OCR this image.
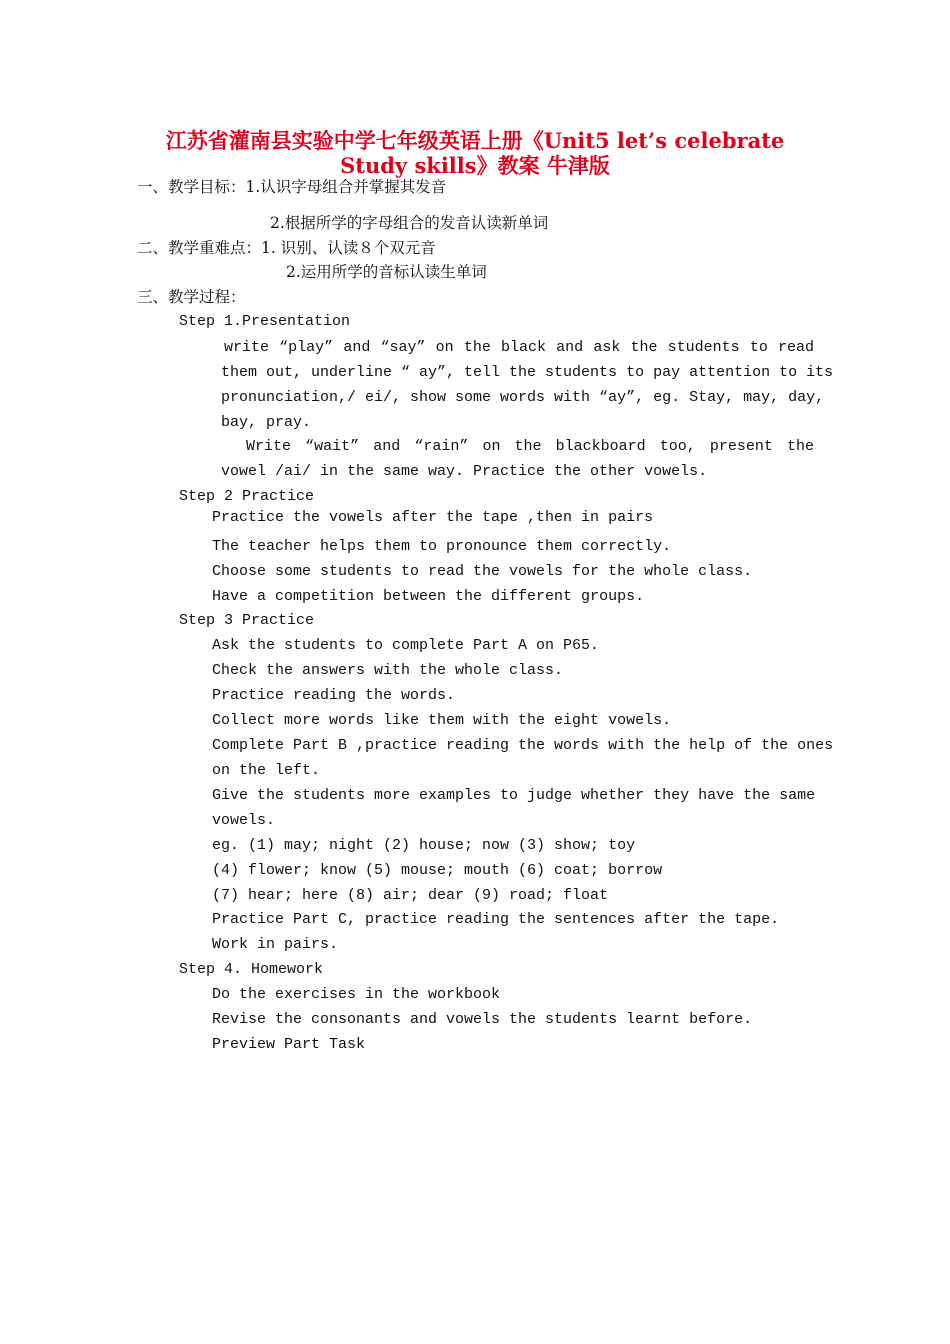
江苏省灌南县实验中学七年级英语上册《Unit5 let’s celebrate
Study skills》教案 牛津版
一、教学目标：1.认识字母组合并掌握其发音
2.根据所学的字母组合的发音认读新单词
二、教学重难点：1. 识别、认读８个双元音
2.运用所学的音标认读生单词
三、教学过程：
Step 1.Presentation
write “play” and “say” on the black and ask the students to read
them out, underline “ ay”, tell the students to pay attention to its
pronunciation,/ ei/, show some words with “ay”, eg. Stay, may, day,
bay, pray.
Write “wait” and “rain” on the blackboard too, present the
vowel /ai/ in the same way. Practice the other vowels.
Step 2 Practice
Practice the vowels after the tape ,then in pairs
The teacher helps them to pronounce them correctly.
Choose some students to read the vowels for the whole class.
Have a competition between the different groups.
Step 3 Practice
Ask the students to complete Part A on P65.
Check the answers with the whole class.
Practice reading the words.
Collect more words like them with the eight vowels.
Complete Part B ,practice reading the words with the help of the ones
on the left.
Give the students more examples to judge whether they have the same
vowels.
eg. (1) may; night (2) house; now (3) show; toy
(4) flower; know (5) mouse; mouth (6) coat; borrow
(7) hear; here (8) air; dear (9) road; float
Practice Part C, practice reading the sentences after the tape.
Work in pairs.
Step 4. Homework
Do the exercises in the workbook
Revise the consonants and vowels the students learnt before.
Preview Part Task
